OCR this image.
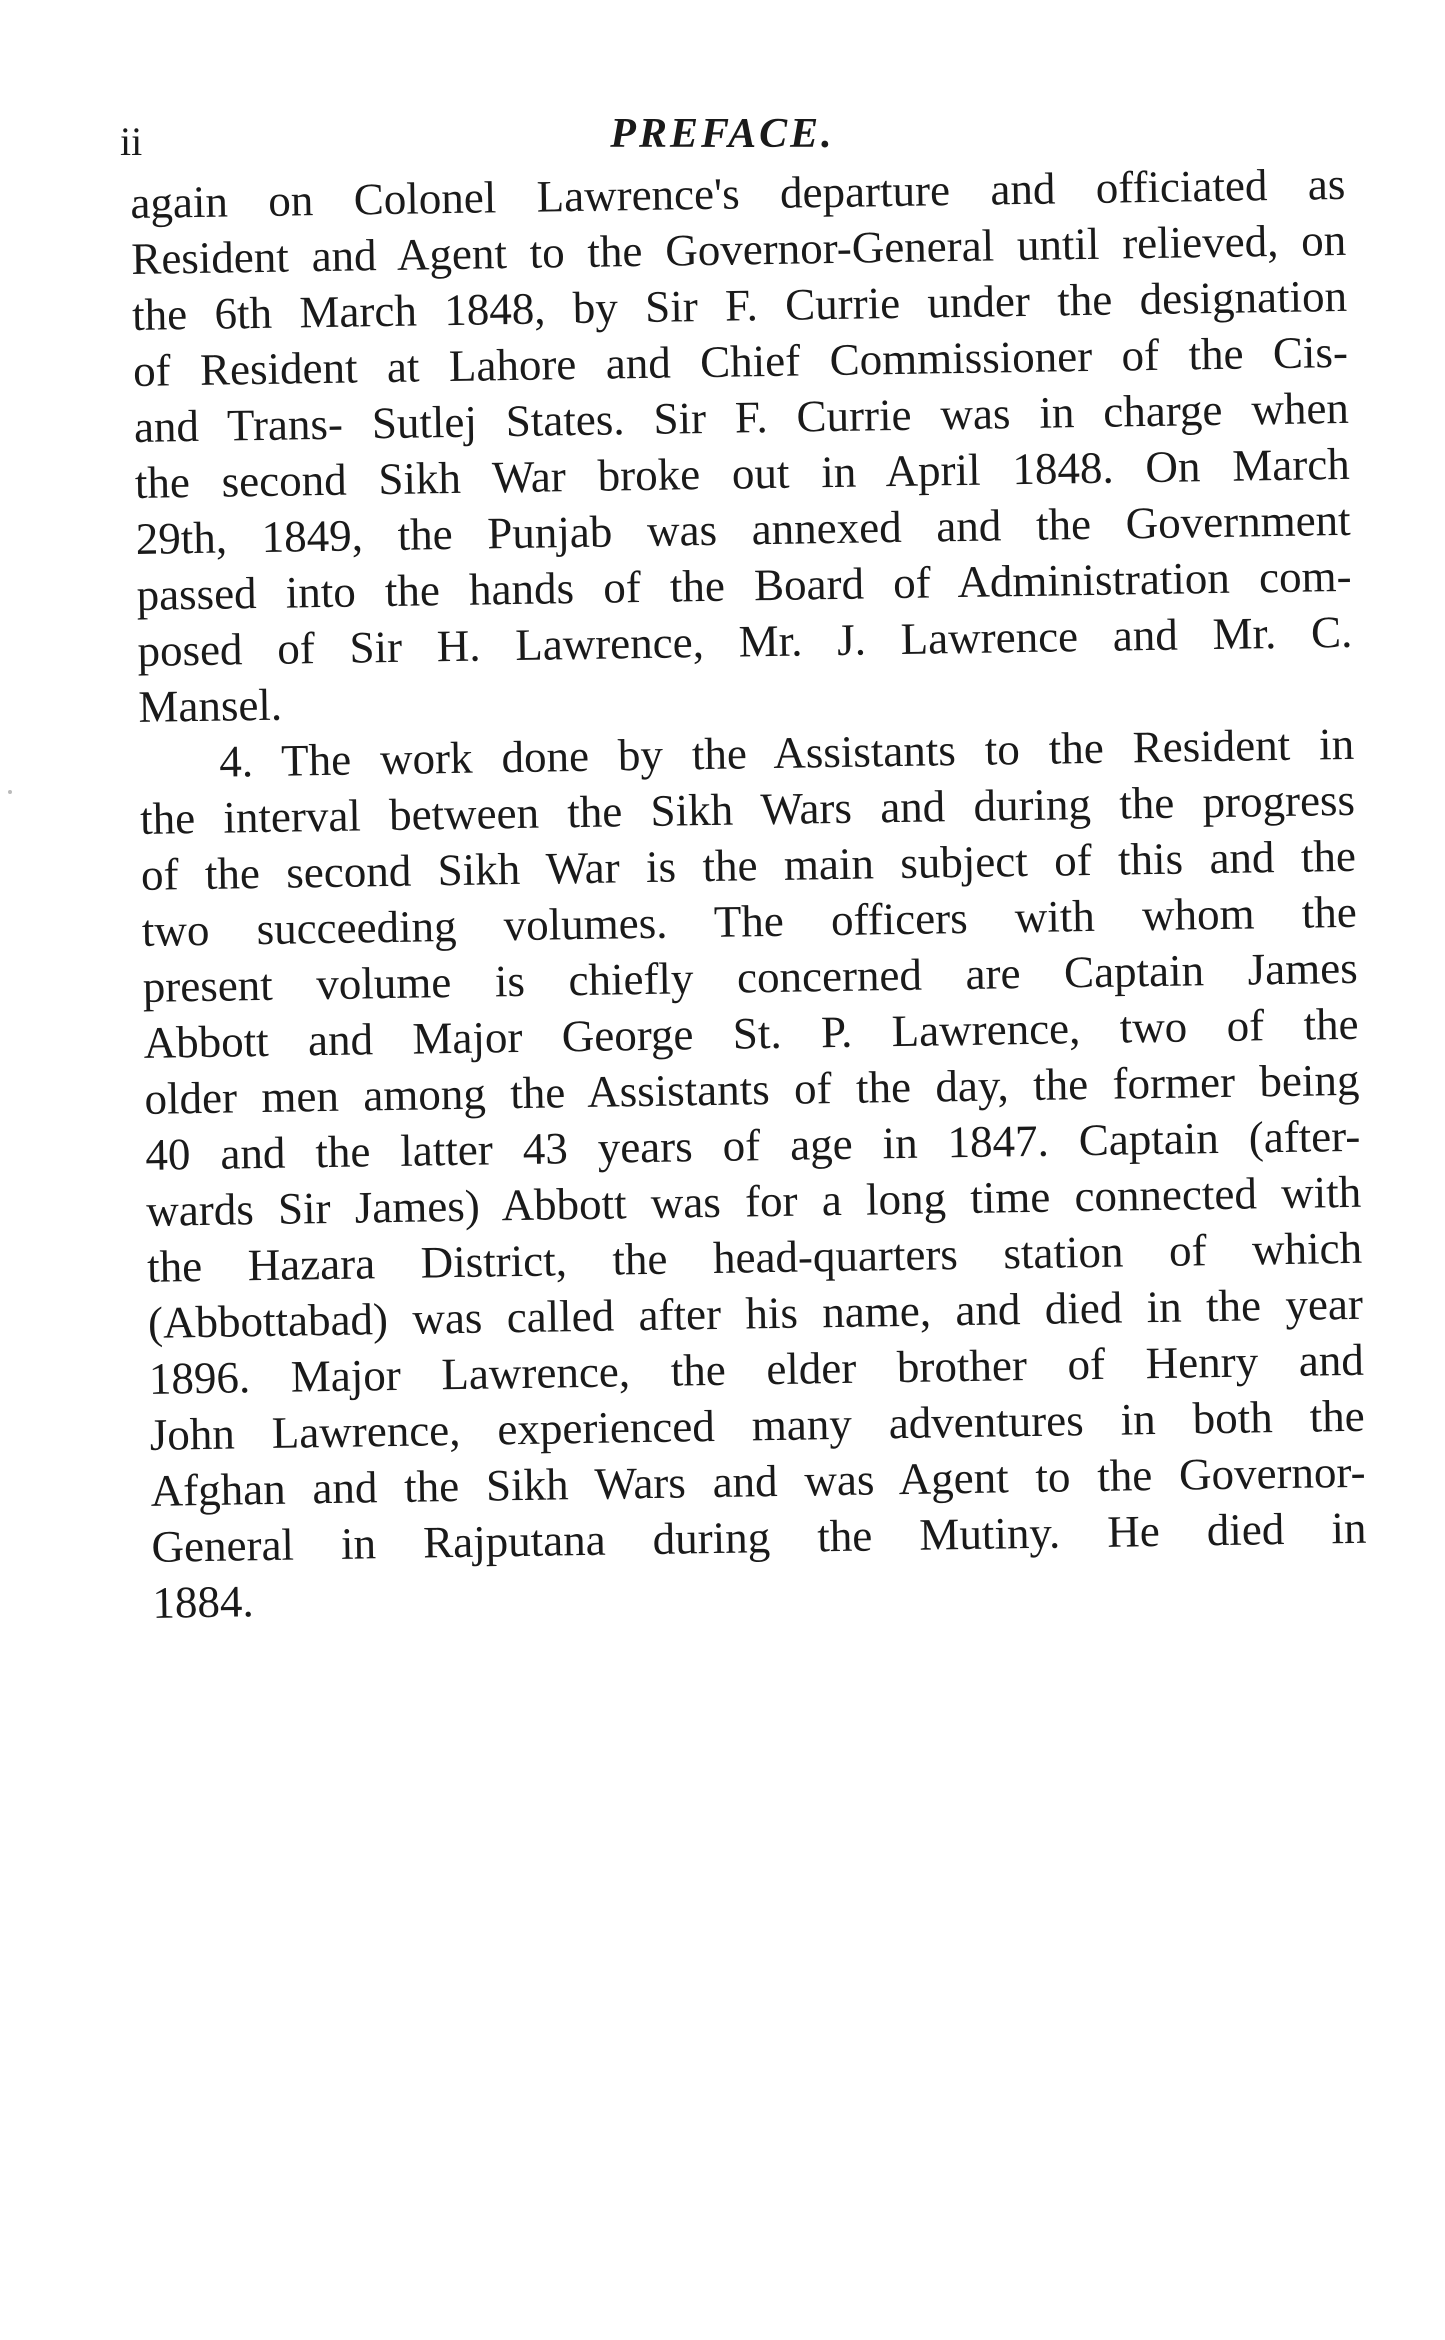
ii	PREFACE.

again on Colonel Lawrence's departure and officiated as
Resident and Agent to the Governor-General until relieved, on
the 6th March 1848, by Sir F. Currie under the designation
of Resident at Lahore and Chief Commissioner of the Cis-
and Trans- Sutlej States. Sir F. Currie was in charge when
the second Sikh War broke out in April 1848. On March
29th, 1849, the Punjab was annexed and the Government
passed into the hands of the Board of Administration com-
posed of Sir H. Lawrence, Mr. J. Lawrence and Mr. C.
Mansel.

4. The work done by the Assistants to the Resident in
the interval between the Sikh Wars and during the progress
of the second Sikh War is the main subject of this and the
two succeeding volumes. The officers with whom the
present volume is chiefly concerned are Captain James
Abbott and Major George St. P. Lawrence, two of the
older men among the Assistants of the day, the former being
40 and the latter 43 years of age in 1847. Captain (after-
wards Sir James) Abbott was for a long time connected with
the Hazara District, the head-quarters station of which
(Abbottabad) was called after his name, and died in the year
1896. Major Lawrence, the elder brother of Henry and
John Lawrence, experienced many adventures in both the
Afghan and the Sikh Wars and was Agent to the Governor-
General in Rajputana during the Mutiny. He died in
1884.
